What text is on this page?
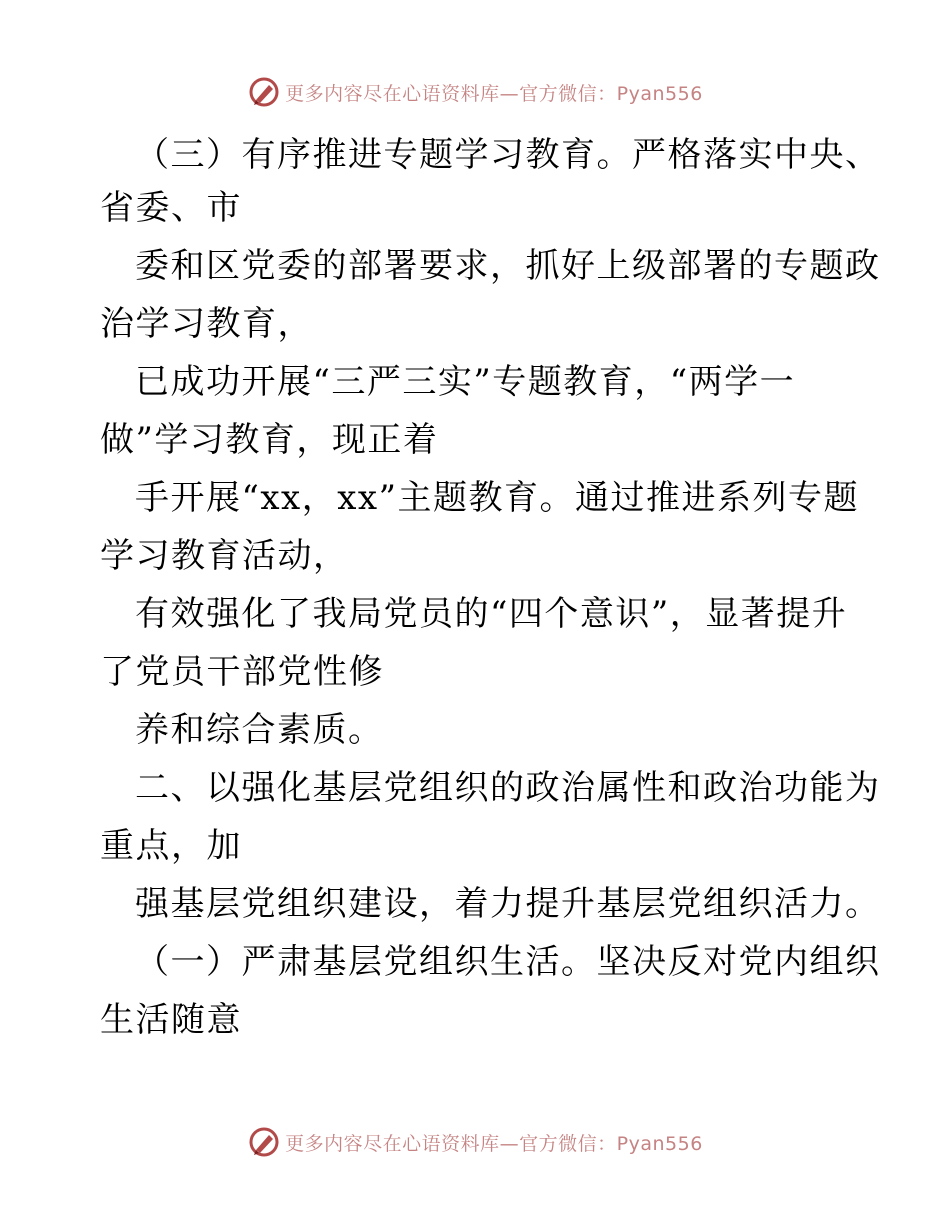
更多内容尽在心语资料库—官方微信：Pyan556
（三）有序推进专题学习教育。严格落实中央、
省委、市
委和区党委的部署要求，抓好上级部署的专题政
治学习教育，
已成功开展“三严三实”专题教育，“两学一
做”学习教育，现正着
手开展“xx，xx”主题教育。通过推进系列专题
学习教育活动，
有效强化了我局党员的“四个意识”，显著提升
了党员干部党性修
养和综合素质。
二、以强化基层党组织的政治属性和政治功能为
重点，加
强基层党组织建设，着力提升基层党组织活力。
（一）严肃基层党组织生活。坚决反对党内组织
生活随意
更多内容尽在心语资料库—官方微信：Pyan556
